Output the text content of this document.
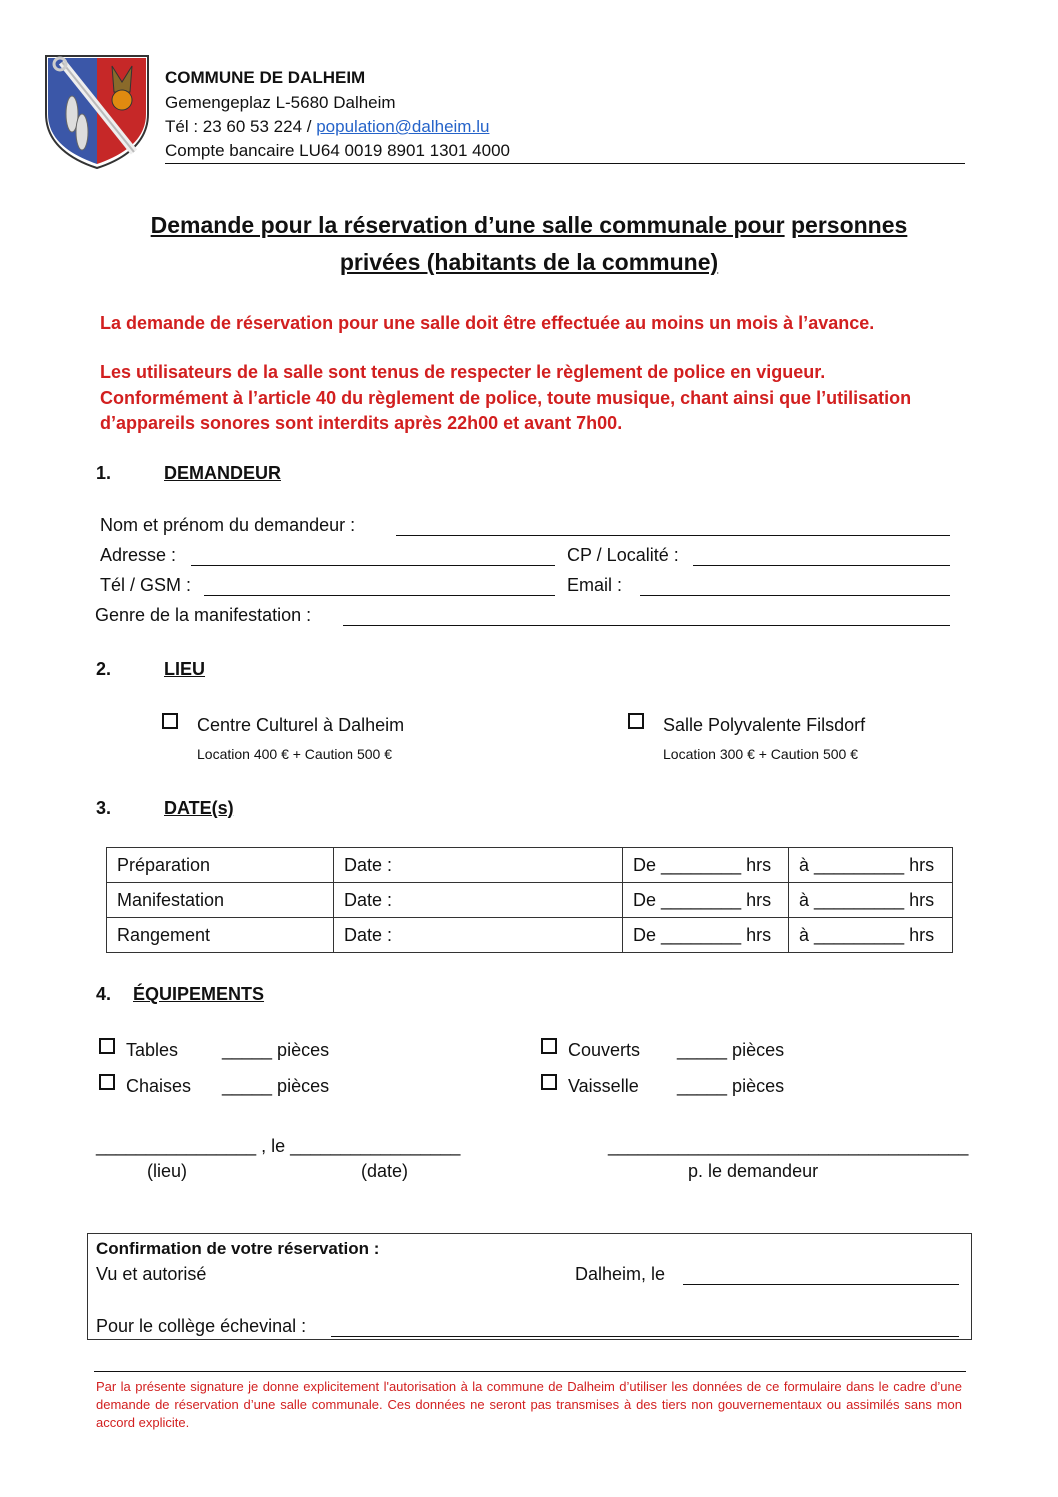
COMMUNE DE DALHEIM
Gemengeplaz L-5680 Dalheim
Tél : 23 60 53 224 / population@dalheim.lu
Compte bancaire LU64 0019 8901 1301 4000
Demande pour la réservation d’une salle communale pour personnes
privées (habitants de la commune)
La demande de réservation pour une salle doit être effectuée au moins un mois à l’avance.
Les utilisateurs de la salle sont tenus de respecter le règlement de police en vigueur.
Conformément à l’article 40 du règlement de police, toute musique, chant ainsi que l’utilisation
d’appareils sonores sont interdits après 22h00 et avant 7h00.
1.	DEMANDEUR
Nom et prénom du demandeur :
Adresse :	CP / Localité :
Tél / GSM :	Email :
Genre de la manifestation :
2.	LIEU
Centre Culturel à Dalheim
Location 400 € + Caution 500 €
Salle Polyvalente Filsdorf
Location 300 € + Caution 500 €
3.	DATE(s)
Préparation	Date :	De ________ hrs	à _________ hrs
Manifestation	Date :	De ________ hrs	à _________ hrs
Rangement	Date :	De ________ hrs	à _________ hrs
4. ÉQUIPEMENTS
Tables _____ pièces
Chaises _____ pièces
Couverts _____ pièces
Vaisselle _____ pièces
________________ , le _________________
(lieu)	(date)
____________________________________
p. le demandeur
Confirmation de votre réservation :
Vu et autorisé	Dalheim, le
Pour le collège échevinal :
Par la présente signature je donne explicitement l'autorisation à la commune de Dalheim d’utiliser les données de ce formulaire dans le cadre d’une demande de réservation d’une salle communale. Ces données ne seront pas transmises à des tiers non gouvernementaux ou assimilés sans mon accord explicite.
